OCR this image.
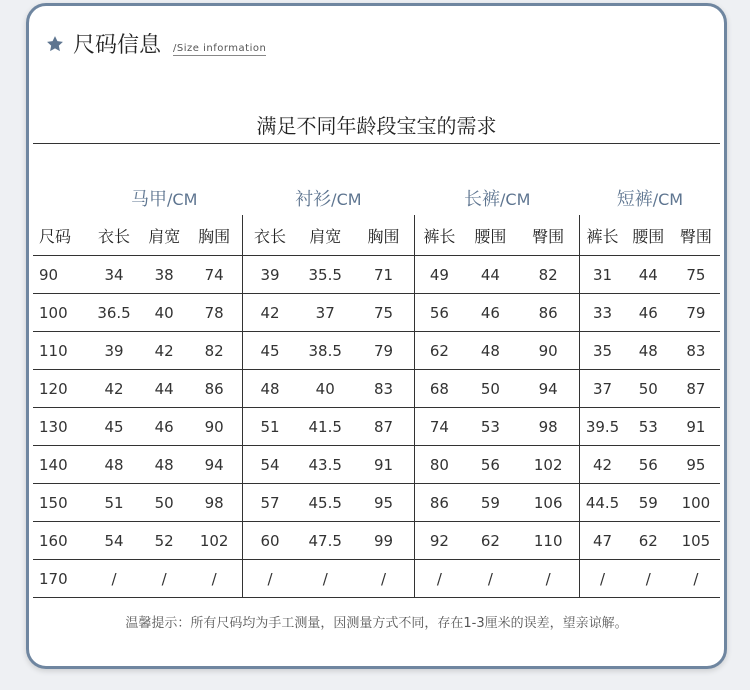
尺码信息 /Size information
满足不同年龄段宝宝的需求
	马甲/CM			衬衫/CM			长裤/CM			短裤/CM		
尺码	衣长	肩宽	胸围	衣长	肩宽	胸围	裤长	腰围	臀围	裤长	腰围	臀围
90	34	38	74	39	35.5	71	49	44	82	31	44	75
100	36.5	40	78	42	37	75	56	46	86	33	46	79
110	39	42	82	45	38.5	79	62	48	90	35	48	83
120	42	44	86	48	40	83	68	50	94	37	50	87
130	45	46	90	51	41.5	87	74	53	98	39.5	53	91
140	48	48	94	54	43.5	91	80	56	102	42	56	95
150	51	50	98	57	45.5	95	86	59	106	44.5	59	100
160	54	52	102	60	47.5	99	92	62	110	47	62	105
170	/	/	/	/	/	/	/	/	/	/	/	/
温馨提示：所有尺码均为手工测量，因测量方式不同，存在1-3厘米的误差，望亲谅解。
